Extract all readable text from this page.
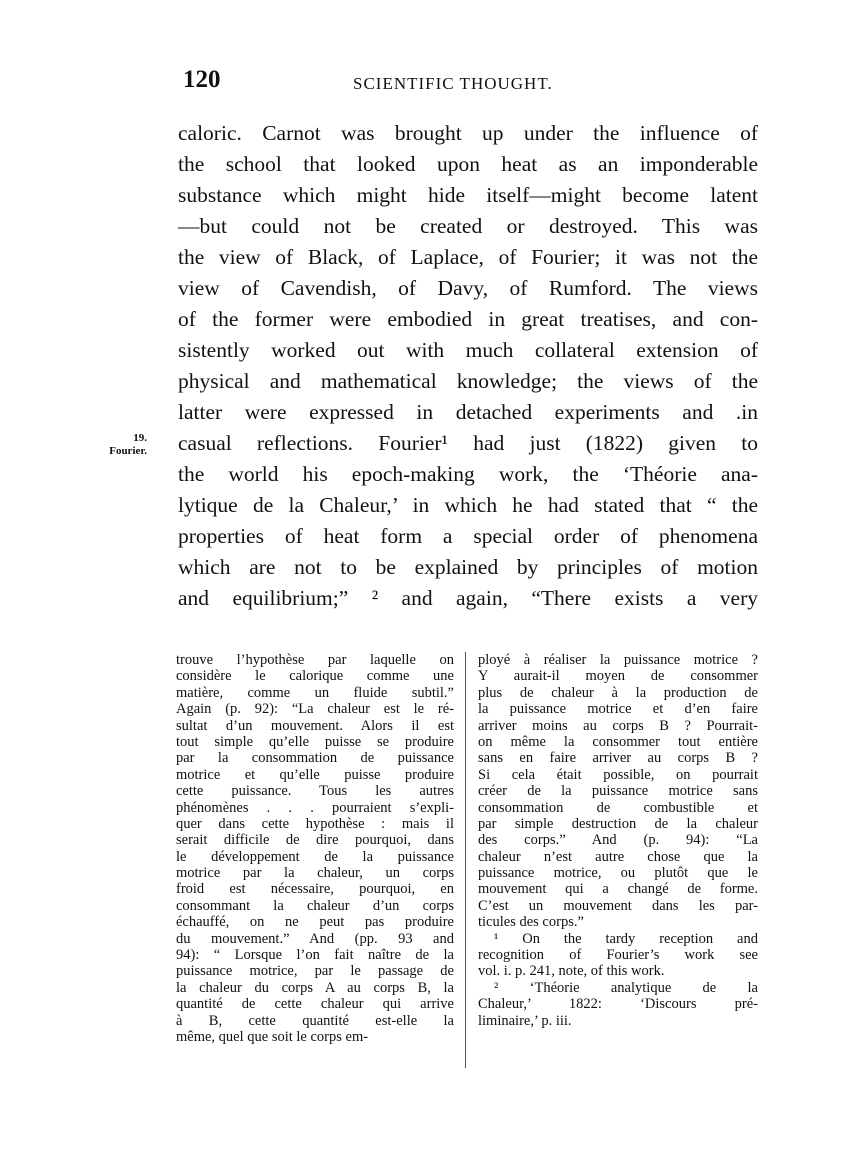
120	SCIENTIFIC THOUGHT.
19.
Fourier.
caloric. Carnot was brought up under the influence of
the school that looked upon heat as an imponderable
substance which might hide itself—might become latent
—but could not be created or destroyed. This was
the view of Black, of Laplace, of Fourier; it was not the
view of Cavendish, of Davy, of Rumford. The views
of the former were embodied in great treatises, and con-
sistently worked out with much collateral extension of
physical and mathematical knowledge; the views of the
latter were expressed in detached experiments and .in
casual reflections. Fourier¹ had just (1822) given to
the world his epoch-making work, the ‘Théorie ana-
lytique de la Chaleur,’ in which he had stated that “ the
properties of heat form a special order of phenomena
which are not to be explained by principles of motion
and equilibrium;” ² and again, “There exists a very
trouve l’hypothèse par laquelle on
considère le calorique comme une
matière, comme un fluide subtil.”
Again (p. 92): “La chaleur est le ré-
sultat d’un mouvement. Alors il est
tout simple qu’elle puisse se produire
par la consommation de puissance
motrice et qu’elle puisse produire
cette puissance. Tous les autres
phénomènes . . . pourraient s’expli-
quer dans cette hypothèse : mais il
serait difficile de dire pourquoi, dans
le développement de la puissance
motrice par la chaleur, un corps
froid est nécessaire, pourquoi, en
consommant la chaleur d’un corps
échauffé, on ne peut pas produire
du mouvement.” And (pp. 93 and
94): “ Lorsque l’on fait naître de la
puissance motrice, par le passage de
la chaleur du corps A au corps B, la
quantité de cette chaleur qui arrive
à B, cette quantité est-elle la
même, quel que soit le corps em-
ployé à réaliser la puissance motrice ?
Y aurait-il moyen de consommer
plus de chaleur à la production de
la puissance motrice et d’en faire
arriver moins au corps B ? Pourrait-
on même la consommer tout entière
sans en faire arriver au corps B ?
Si cela était possible, on pourrait
créer de la puissance motrice sans
consommation de combustible et
par simple destruction de la chaleur
des corps.” And (p. 94): “La
chaleur n’est autre chose que la
puissance motrice, ou plutôt que le
mouvement qui a changé de forme.
C’est un mouvement dans les par-
ticules des corps.”
¹ On the tardy reception and
recognition of Fourier’s work see
vol. i. p. 241, note, of this work.
² ‘Théorie analytique de la
Chaleur,’ 1822: ‘Discours pré-
liminaire,’ p. iii.
